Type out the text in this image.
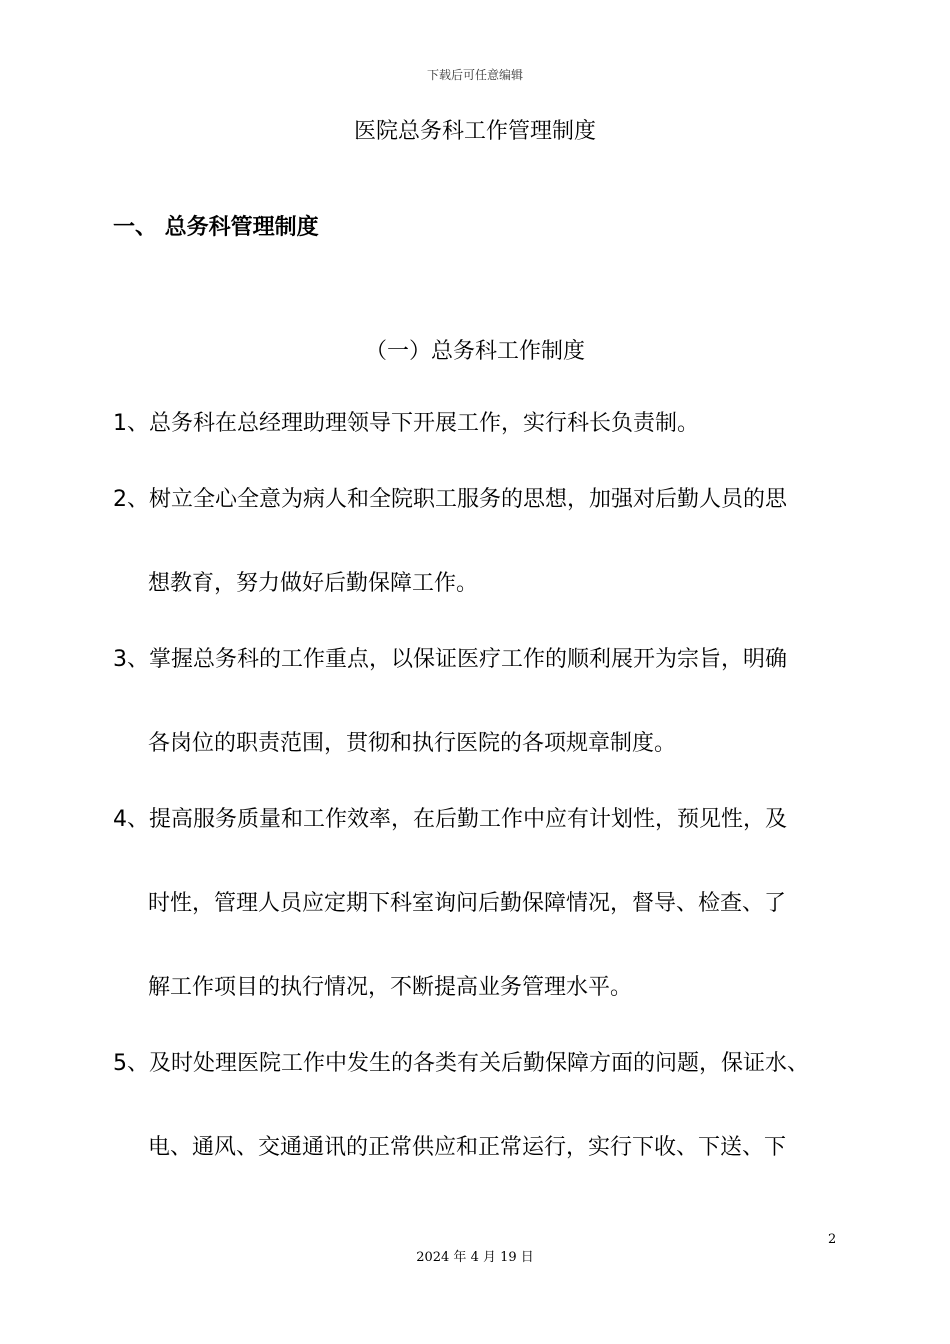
下载后可任意编辑
医院总务科工作管理制度
一、 总务科管理制度
（一）总务科工作制度
1、总务科在总经理助理领导下开展工作，实行科长负责制。
2、树立全心全意为病人和全院职工服务的思想，加强对后勤人员的思
想教育，努力做好后勤保障工作。
3、掌握总务科的工作重点，以保证医疗工作的顺利展开为宗旨，明确
各岗位的职责范围，贯彻和执行医院的各项规章制度。
4、提高服务质量和工作效率，在后勤工作中应有计划性，预见性，及
时性，管理人员应定期下科室询问后勤保障情况，督导、检查、了
解工作项目的执行情况，不断提高业务管理水平。
5、及时处理医院工作中发生的各类有关后勤保障方面的问题，保证水、
电、通风、交通通讯的正常供应和正常运行，实行下收、下送、下
2
2024 年 4 月 19 日
